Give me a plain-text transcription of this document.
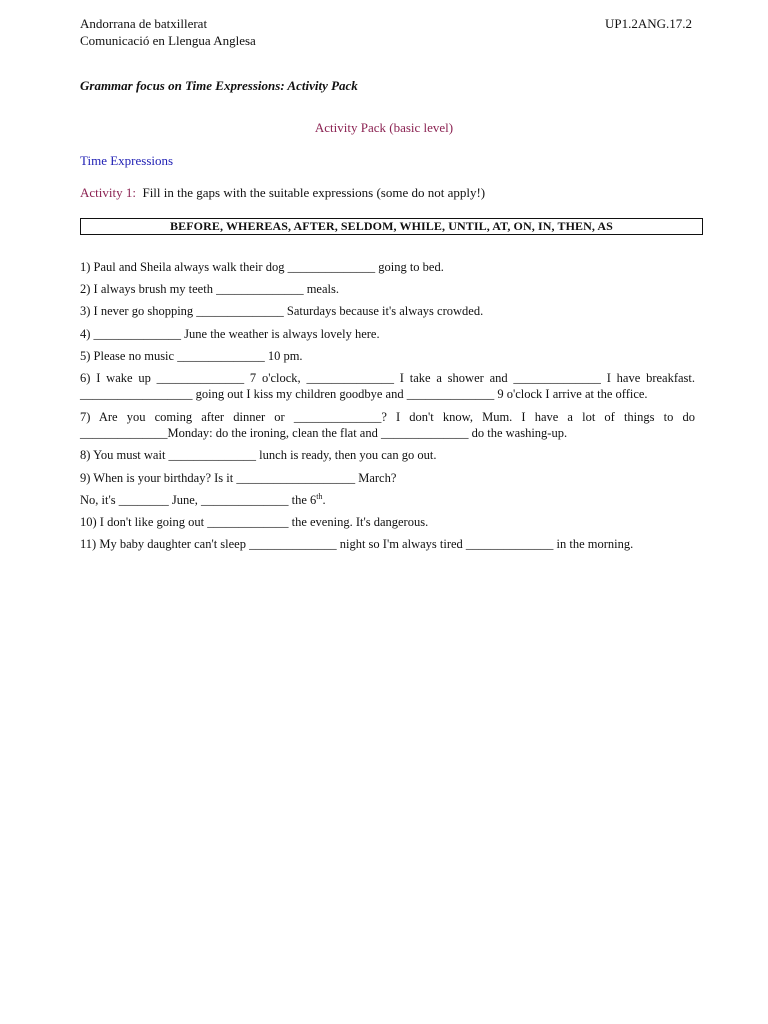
Andorrana de batxillerat
Comunicació en Llengua Anglesa
UP1.2ANG.17.2
Grammar focus on Time Expressions: Activity Pack
Activity Pack (basic level)
Time Expressions
Activity 1: Fill in the gaps with the suitable expressions (some do not apply!)
BEFORE, WHEREAS, AFTER, SELDOM, WHILE, UNTIL, AT, ON, IN, THEN, AS

1) Paul and Sheila always walk their dog ______________ going to bed.

2) I always brush my teeth ______________ meals.

3) I never go shopping ______________ Saturdays because it's always crowded.

4) ______________ June the weather is always lovely here.

5) Please no music ______________ 10 pm.

6) I wake up ______________ 7 o'clock, ______________ I take a shower and ______________ I have breakfast. __________________ going out I kiss my children goodbye and ______________ 9 o'clock I arrive at the office.

7) Are you coming after dinner or ______________? I don't know, Mum. I have a lot of things to do ______________Monday: do the ironing, clean the flat and ______________ do the washing-up.

8) You must wait ______________ lunch is ready, then you can go out.

9) When is your birthday? Is it ___________________ March?

No, it's ________ June, ______________ the 6th.

10) I don't like going out _____________ the evening. It's dangerous.

11) My baby daughter can't sleep ______________ night so I'm always tired ______________ in the morning.
